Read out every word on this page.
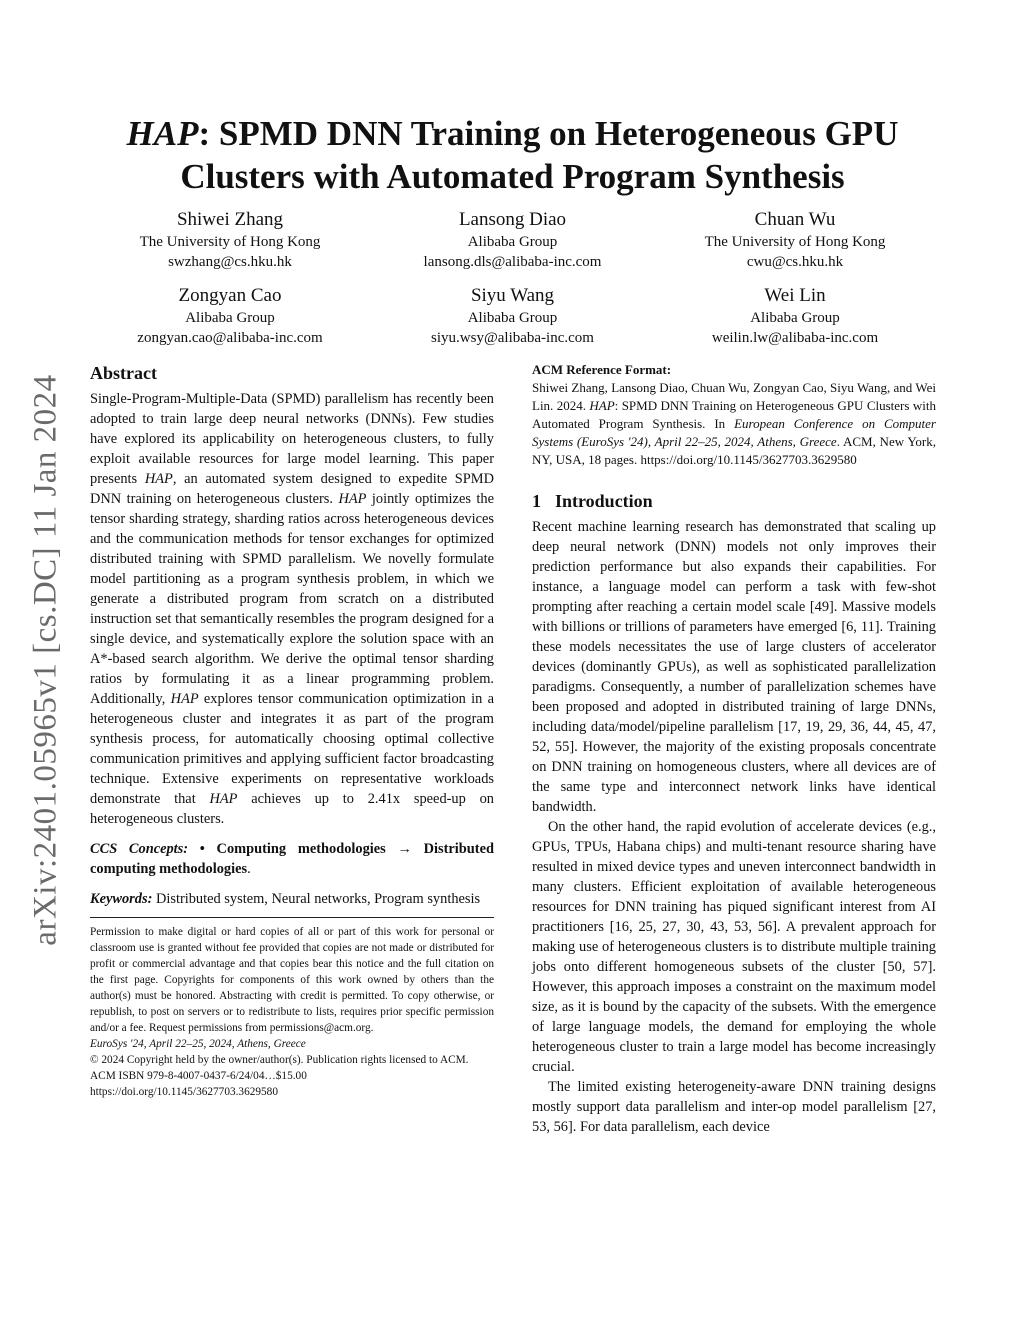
arXiv:2401.05965v1 [cs.DC] 11 Jan 2024
HAP: SPMD DNN Training on Heterogeneous GPU
Clusters with Automated Program Synthesis
Shiwei Zhang
The University of Hong Kong
swzhang@cs.hku.hk
Lansong Diao
Alibaba Group
lansong.dls@alibaba-inc.com
Chuan Wu
The University of Hong Kong
cwu@cs.hku.hk
Zongyan Cao
Alibaba Group
zongyan.cao@alibaba-inc.com
Siyu Wang
Alibaba Group
siyu.wsy@alibaba-inc.com
Wei Lin
Alibaba Group
weilin.lw@alibaba-inc.com
Abstract

Single-Program-Multiple-Data (SPMD) parallelism has recently been adopted to train large deep neural networks (DNNs). Few studies have explored its applicability on heterogeneous clusters, to fully exploit available resources for large model learning. This paper presents HAP, an automated system designed to expedite SPMD DNN training on heterogeneous clusters. HAP jointly optimizes the tensor sharding strategy, sharding ratios across heterogeneous devices and the communication methods for tensor exchanges for optimized distributed training with SPMD parallelism. We novelly formulate model partitioning as a program synthesis problem, in which we generate a distributed program from scratch on a distributed instruction set that semantically resembles the program designed for a single device, and systematically explore the solution space with an A*-based search algorithm. We derive the optimal tensor sharding ratios by formulating it as a linear programming problem. Additionally, HAP explores tensor communication optimization in a heterogeneous cluster and integrates it as part of the program synthesis process, for automatically choosing optimal collective communication primitives and applying sufficient factor broadcasting technique. Extensive experiments on representative workloads demonstrate that HAP achieves up to 2.41x speed-up on heterogeneous clusters.

CCS Concepts: • Computing methodologies → Distributed computing methodologies.

Keywords: Distributed system, Neural networks, Program synthesis

Permission to make digital or hard copies of all or part of this work for personal or classroom use is granted without fee provided that copies are not made or distributed for profit or commercial advantage and that copies bear this notice and the full citation on the first page. Copyrights for components of this work owned by others than the author(s) must be honored. Abstracting with credit is permitted. To copy otherwise, or republish, to post on servers or to redistribute to lists, requires prior specific permission and/or a fee. Request permissions from permissions@acm.org.

EuroSys '24, April 22–25, 2024, Athens, Greece
© 2024 Copyright held by the owner/author(s). Publication rights licensed to ACM.
ACM ISBN 979-8-4007-0437-6/24/04…$15.00
https://doi.org/10.1145/3627703.3629580
ACM Reference Format:

Shiwei Zhang, Lansong Diao, Chuan Wu, Zongyan Cao, Siyu Wang, and Wei Lin. 2024. HAP: SPMD DNN Training on Heterogeneous GPU Clusters with Automated Program Synthesis. In European Conference on Computer Systems (EuroSys '24), April 22–25, 2024, Athens, Greece. ACM, New York, NY, USA, 18 pages. https://doi.org/10.1145/3627703.3629580

1 Introduction

Recent machine learning research has demonstrated that scaling up deep neural network (DNN) models not only improves their prediction performance but also expands their capabilities. For instance, a language model can perform a task with few-shot prompting after reaching a certain model scale [49]. Massive models with billions or trillions of parameters have emerged [6, 11]. Training these models necessitates the use of large clusters of accelerator devices (dominantly GPUs), as well as sophisticated parallelization paradigms. Consequently, a number of parallelization schemes have been proposed and adopted in distributed training of large DNNs, including data/model/pipeline parallelism [17, 19, 29, 36, 44, 45, 47, 52, 55]. However, the majority of the existing proposals concentrate on DNN training on homogeneous clusters, where all devices are of the same type and interconnect network links have identical bandwidth.

On the other hand, the rapid evolution of accelerate devices (e.g., GPUs, TPUs, Habana chips) and multi-tenant resource sharing have resulted in mixed device types and uneven interconnect bandwidth in many clusters. Efficient exploitation of available heterogeneous resources for DNN training has piqued significant interest from AI practitioners [16, 25, 27, 30, 43, 53, 56]. A prevalent approach for making use of heterogeneous clusters is to distribute multiple training jobs onto different homogeneous subsets of the cluster [50, 57]. However, this approach imposes a constraint on the maximum model size, as it is bound by the capacity of the subsets. With the emergence of large language models, the demand for employing the whole heterogeneous cluster to train a large model has become increasingly crucial.

The limited existing heterogeneity-aware DNN training designs mostly support data parallelism and inter-op model parallelism [27, 53, 56]. For data parallelism, each device
